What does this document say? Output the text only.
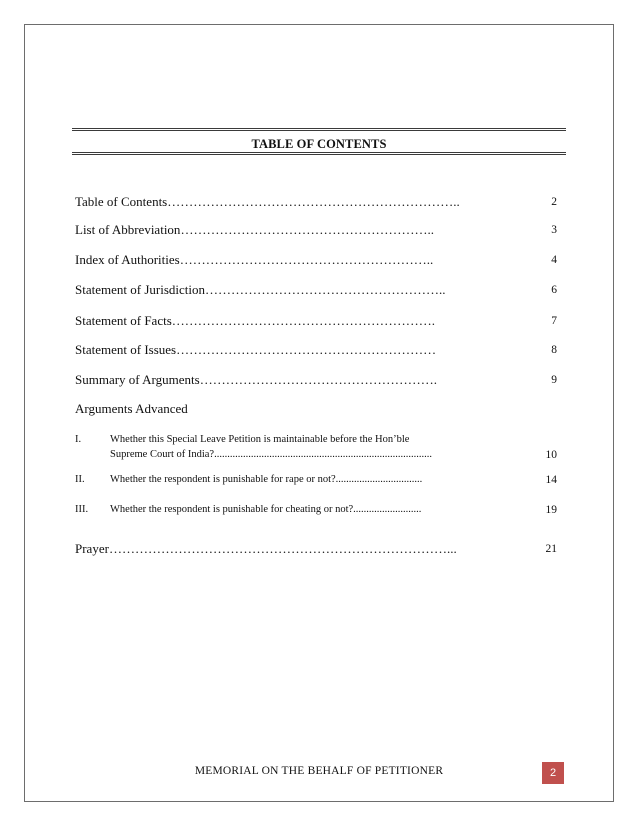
TABLE OF CONTENTS
Table of Contents…………………………………………………………..	2
List of Abbreviation…………………………………………………..	3
Index of Authorities…………………………………………………..	4
Statement of Jurisdiction………………………………………………..	6
Statement of Facts…………………………………………………….	7
Statement of Issues……………………………………………………	8
Summary of Arguments……………………………………………….	9
Arguments Advanced
I.	Whether this Special Leave Petition is maintainable before the Hon’ble
Supreme Court of India?...................................................................................	10
II. Whether the respondent is punishable for rape or not?.................................	14
III. Whether the respondent is punishable for cheating or not?..........................	19
Prayer……………………………………………………………………...	21
MEMORIAL ON THE BEHALF OF PETITIONER	2
